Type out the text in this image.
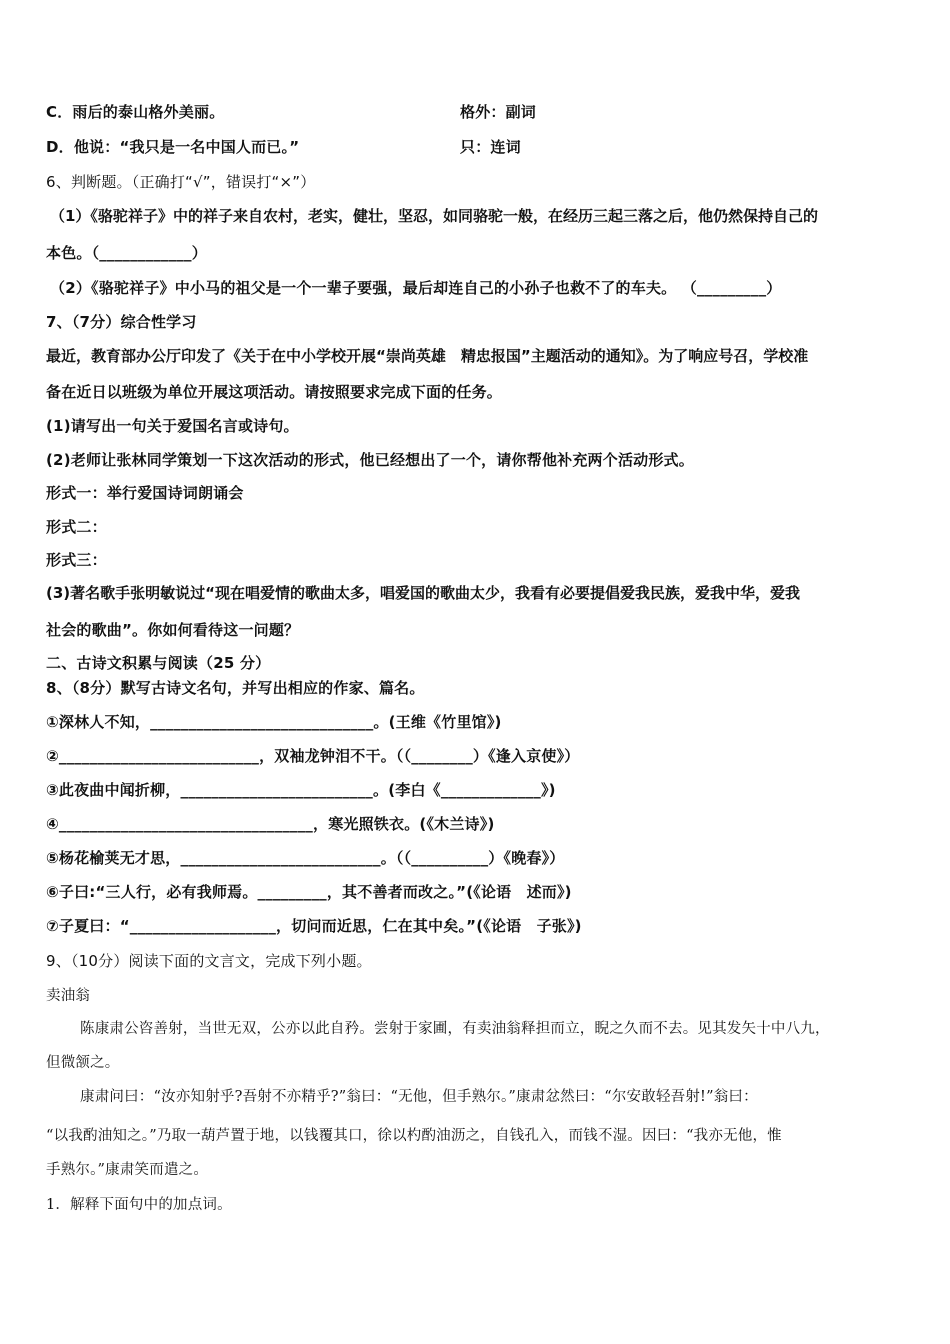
C．雨后的泰山格外美丽。	格外：副词
D．他说：“我只是一名中国人而已。”	只：连词
6、判断题。（正确打“√”，错误打“×”）
（1）《骆驼祥子》中的祥子来自农村，老实，健壮，坚忍，如同骆驼一般，在经历三起三落之后，他仍然保持自己的
本色。（____________）
（2）《骆驼祥子》中小马的祖父是一个一辈子要强，最后却连自己的小孙子也救不了的车夫。 （_________）
7、（7分）综合性学习
最近，教育部办公厅印发了《关于在中小学校开展“崇尚英雄　精忠报国”主题活动的通知》。为了响应号召，学校准
备在近日以班级为单位开展这项活动。请按照要求完成下面的任务。
(1)请写出一句关于爱国名言或诗句。
(2)老师让张林同学策划一下这次活动的形式，他已经想出了一个，请你帮他补充两个活动形式。
形式一：举行爱国诗词朗诵会
形式二：
形式三：
(3)著名歌手张明敏说过“现在唱爱情的歌曲太多，唱爱国的歌曲太少，我看有必要提倡爱我民族，爱我中华，爱我
社会的歌曲”。你如何看待这一问题？
二、古诗文积累与阅读（25 分）
8、（8分）默写古诗文名句，并写出相应的作家、篇名。
①深林人不知，_____________________________。(王维《竹里馆》)
②__________________________，双袖龙钟泪不干。（（________）《逢入京使》）
③此夜曲中闻折柳，_________________________。(李白《_____________》)
④_________________________________，寒光照铁衣。(《木兰诗》)
⑤杨花榆荚无才思，__________________________。（（__________）《晚春》）
⑥子曰:“三人行，必有我师焉。_________，其不善者而改之。”(《论语　述而》)
⑦子夏曰：“___________________，切问而近思，仁在其中矣。”(《论语　子张》)
9、（10分）阅读下面的文言文，完成下列小题。
卖油翁
陈康肃公咨善射，当世无双，公亦以此自矜。尝射于家圃，有卖油翁释担而立，睨之久而不去。见其发矢十中八九，
但微颔之。
康肃问曰：“汝亦知射乎?吾射不亦精乎?”翁曰：“无他，但手熟尔。”康肃忿然曰：“尔安敢轻吾射!”翁曰：
“以我酌油知之。”乃取一葫芦置于地，以钱覆其口，徐以杓酌油沥之，自钱孔入，而钱不湿。因曰：“我亦无他，惟
手熟尔。”康肃笑而遣之。
1．解释下面句中的加点词。
